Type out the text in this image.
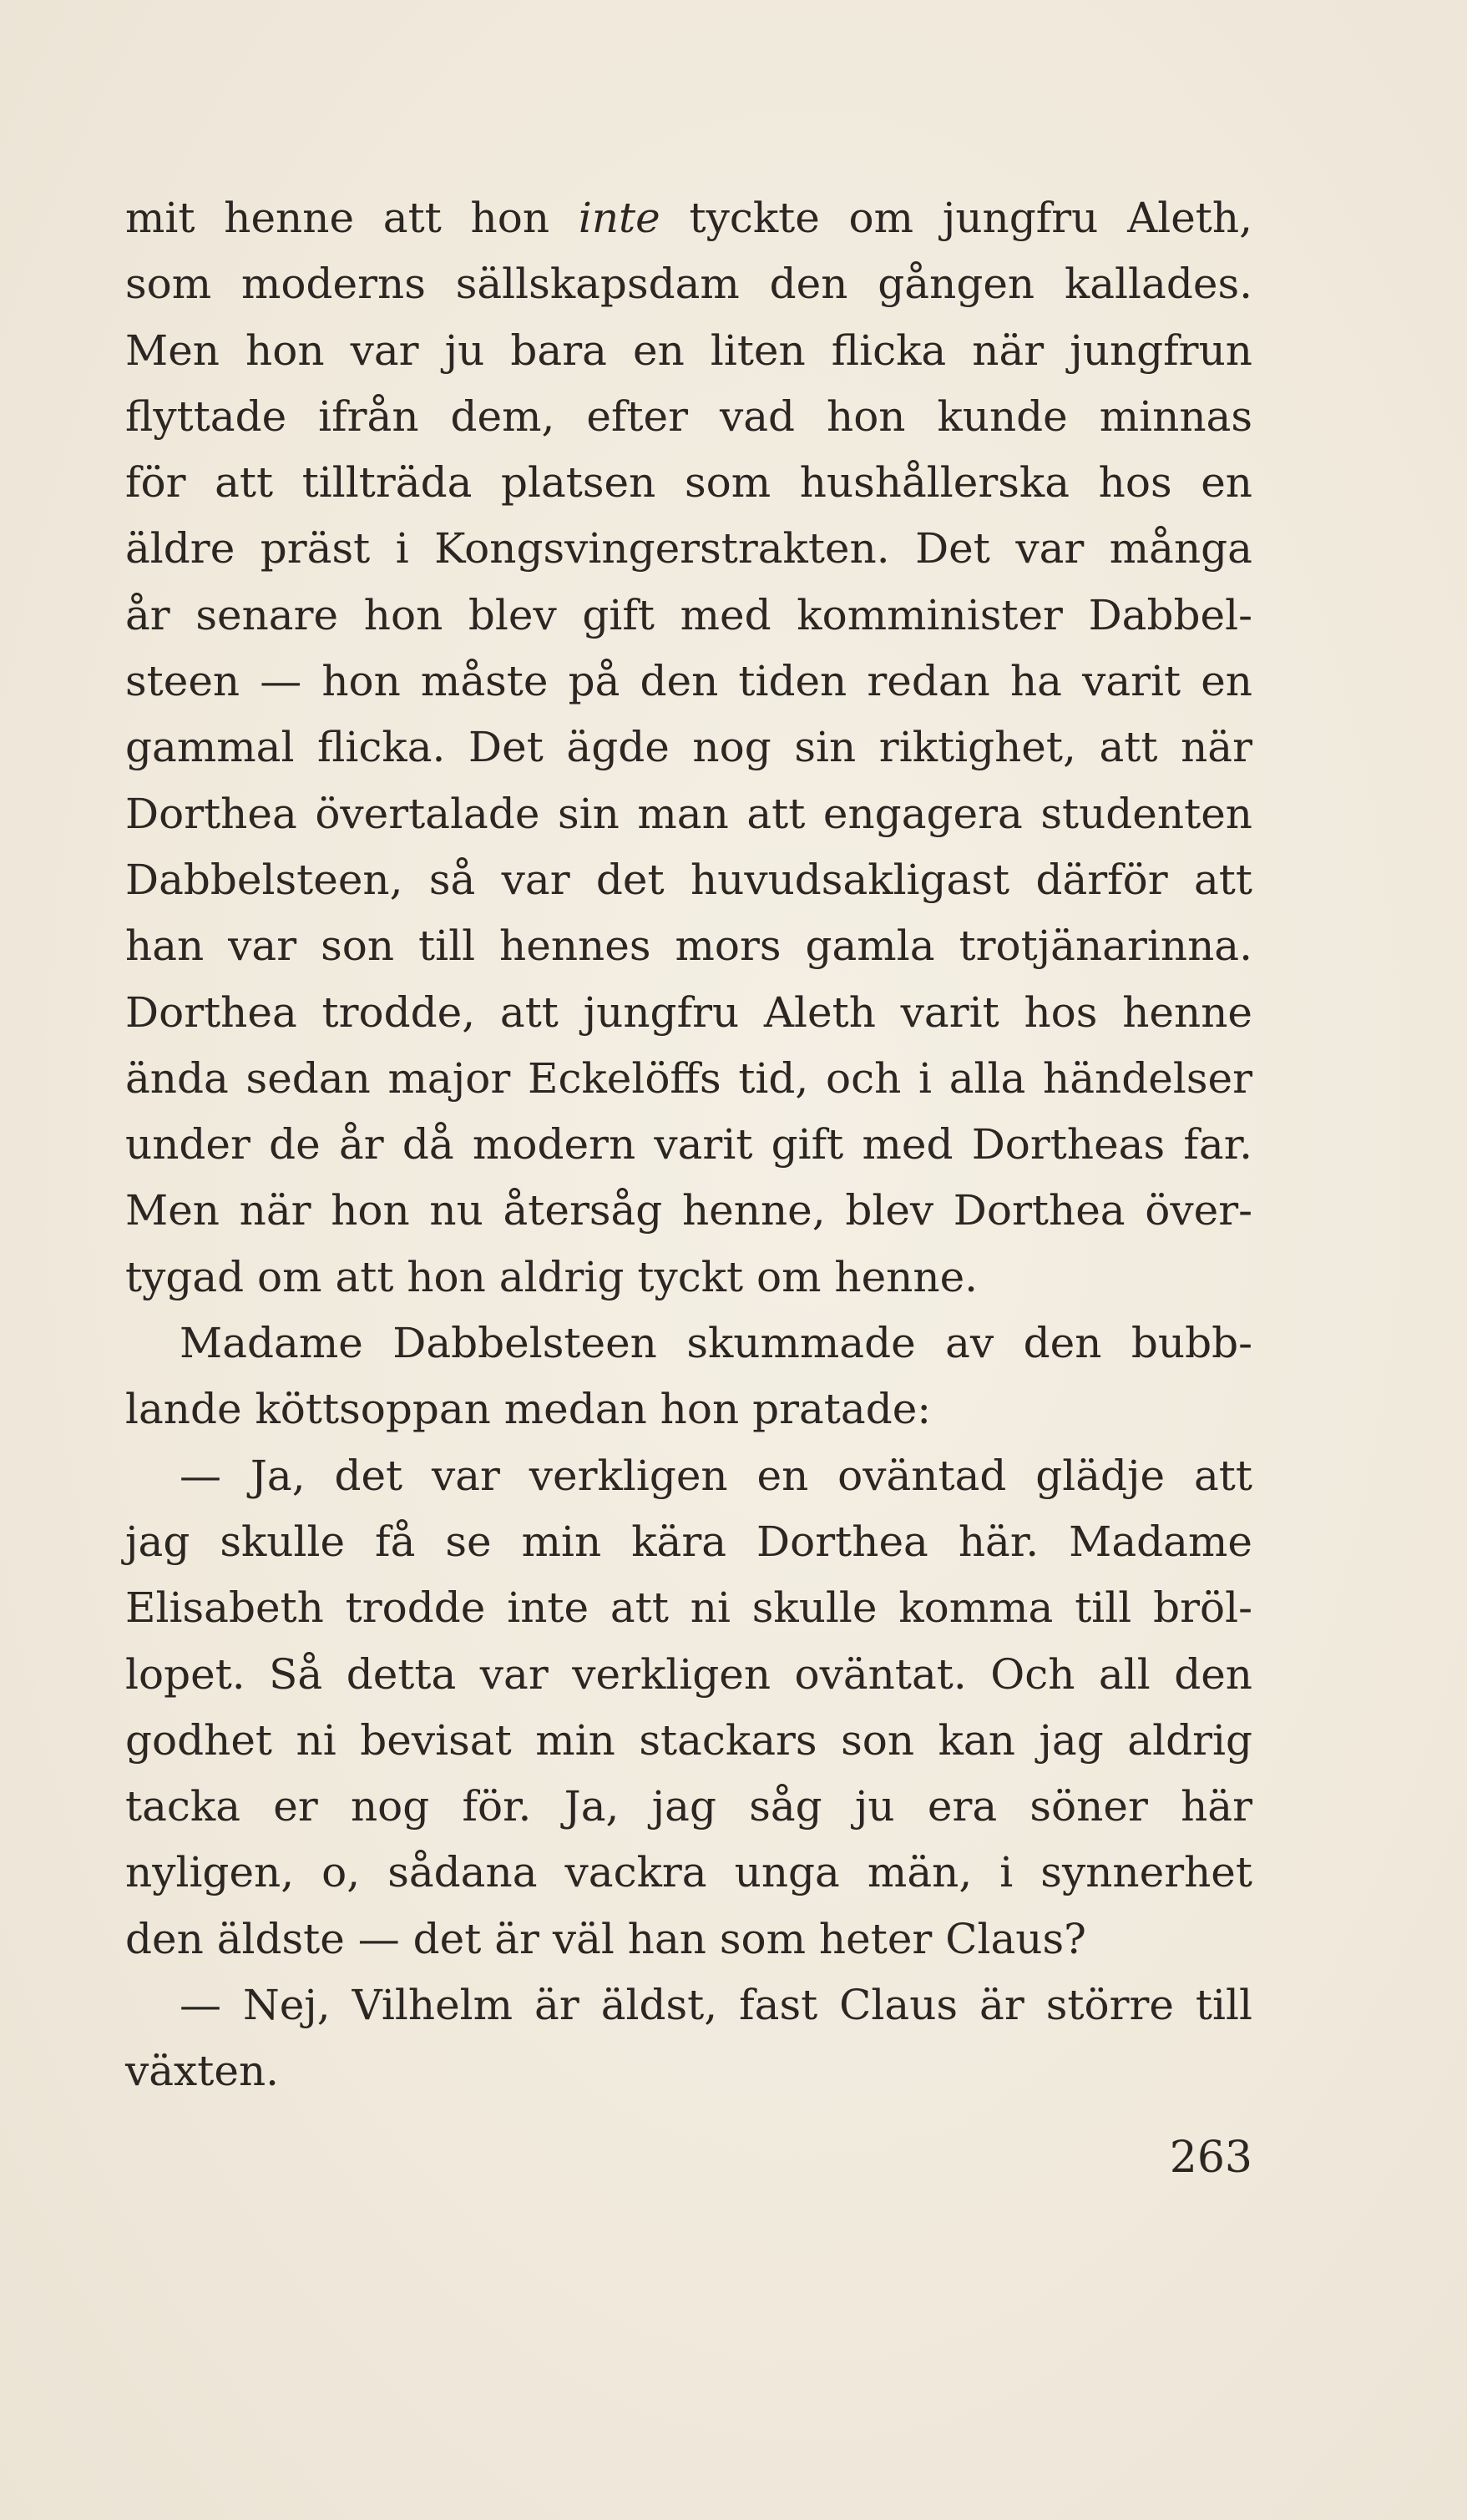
mit henne att hon inte tyckte om jungfru Aleth,
som moderns sällskapsdam den gången kallades.
Men hon var ju bara en liten flicka när jungfrun
flyttade ifrån dem, efter vad hon kunde minnas
för att tillträda platsen som hushållerska hos en
äldre präst i Kongsvingerstrakten. Det var många
år senare hon blev gift med komminister Dabbel-
steen — hon måste på den tiden redan ha varit en
gammal flicka. Det ägde nog sin riktighet, att när
Dorthea övertalade sin man att engagera studenten
Dabbelsteen, så var det huvudsakligast därför att
han var son till hennes mors gamla trotjänarinna.
Dorthea trodde, att jungfru Aleth varit hos henne
ända sedan major Eckelöffs tid, och i alla händelser
under de år då modern varit gift med Dortheas far.
Men när hon nu återsåg henne, blev Dorthea över-
tygad om att hon aldrig tyckt om henne.
Madame Dabbelsteen skummade av den bubb-
lande köttsoppan medan hon pratade:
— Ja, det var verkligen en oväntad glädje att
jag skulle få se min kära Dorthea här. Madame
Elisabeth trodde inte att ni skulle komma till bröl-
lopet. Så detta var verkligen oväntat. Och all den
godhet ni bevisat min stackars son kan jag aldrig
tacka er nog för. Ja, jag såg ju era söner här
nyligen, o, sådana vackra unga män, i synnerhet
den äldste — det är väl han som heter Claus?
— Nej, Vilhelm är äldst, fast Claus är större till
växten.
263
